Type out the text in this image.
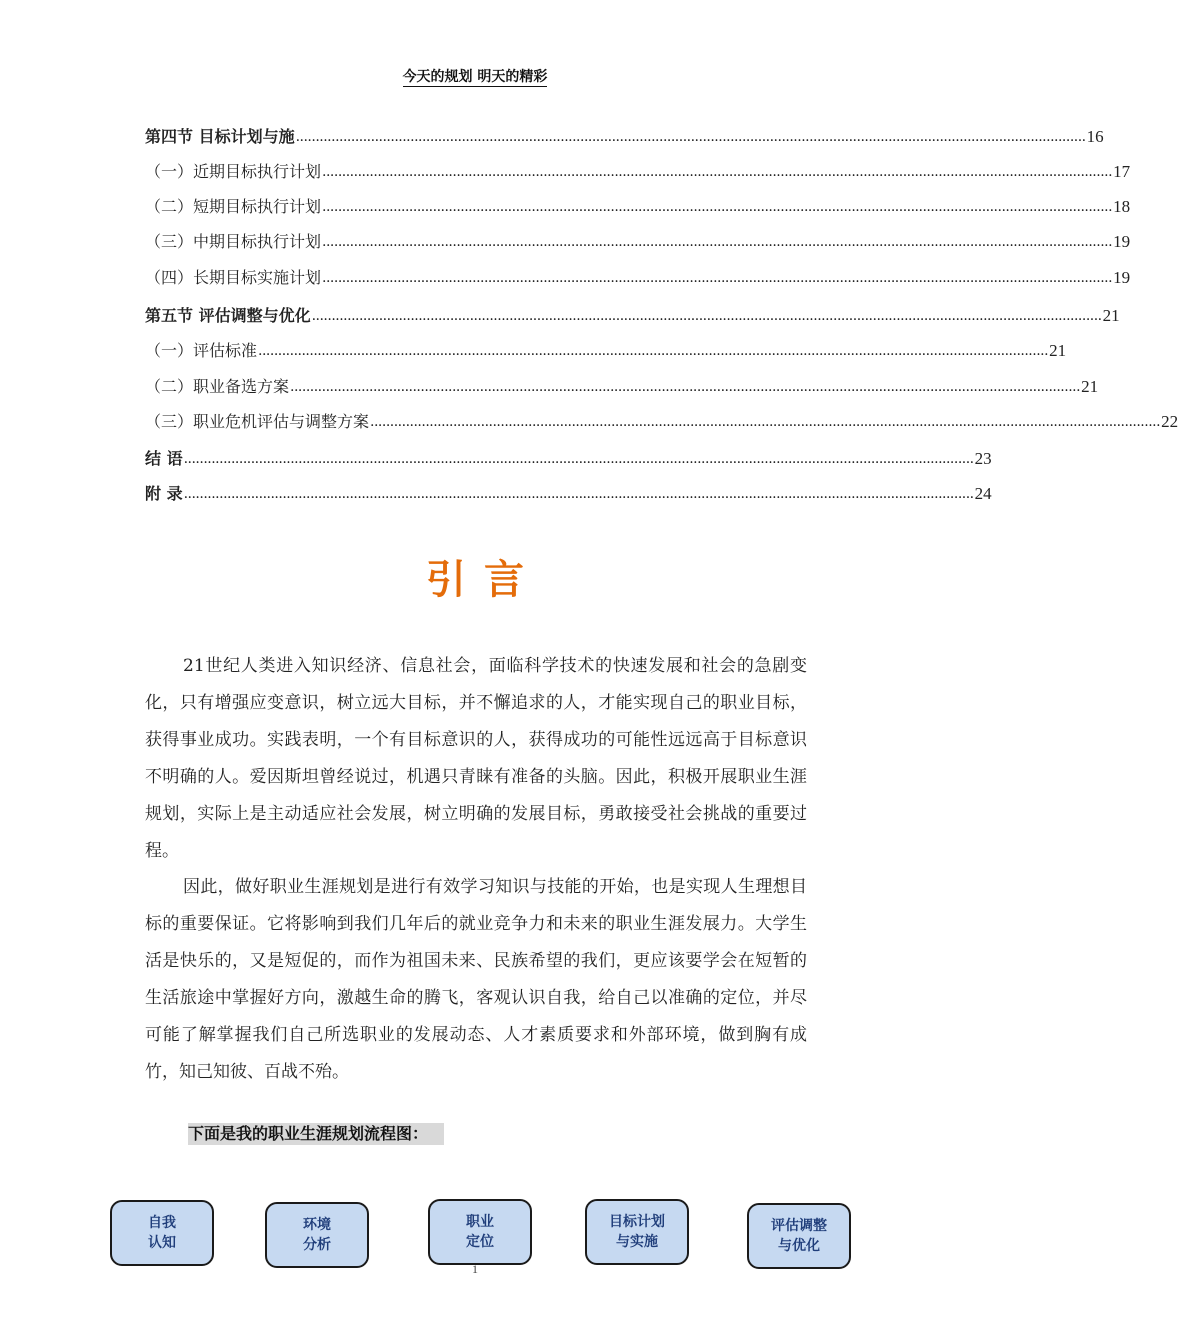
今天的规划 明天的精彩
第四节 目标计划与施 ........................................................................................................................................................................................................ 16
（一）近期目标执行计划 ........................................................................................................................................................................................................ 17
（二）短期目标执行计划 ........................................................................................................................................................................................................ 18
（三）中期目标执行计划 ........................................................................................................................................................................................................ 19
（四）长期目标实施计划 ........................................................................................................................................................................................................ 19
第五节 评估调整与优化 ........................................................................................................................................................................................................ 21
（一）评估标准 ........................................................................................................................................................................................................ 21
（二）职业备选方案 ........................................................................................................................................................................................................ 21
（三）职业危机评估与调整方案 ........................................................................................................................................................................................................ 22
结 语 ........................................................................................................................................................................................................ 23
附 录 ........................................................................................................................................................................................................ 24
引言

21世纪人类进入知识经济、信息社会，面临科学技术的快速发展和社会的急剧变化，只有增强应变意识，树立远大目标，并不懈追求的人，才能实现自己的职业目标，获得事业成功。实践表明，一个有目标意识的人，获得成功的可能性远远高于目标意识不明确的人。爱因斯坦曾经说过，机遇只青睐有准备的头脑。因此，积极开展职业生涯规划，实际上是主动适应社会发展，树立明确的发展目标，勇敢接受社会挑战的重要过程。

因此，做好职业生涯规划是进行有效学习知识与技能的开始，也是实现人生理想目标的重要保证。它将影响到我们几年后的就业竞争力和未来的职业生涯发展力。大学生活是快乐的，又是短促的，而作为祖国未来、民族希望的我们，更应该要学会在短暂的生活旅途中掌握好方向，激越生命的腾飞，客观认识自我，给自己以准确的定位，并尽可能了解掌握我们自己所选职业的发展动态、人才素质要求和外部环境，做到胸有成竹，知己知彼、百战不殆。

下面是我的职业生涯规划流程图：
自我
认知
环境
分析
职业
定位
目标计划
与实施
评估调整
与优化
1
